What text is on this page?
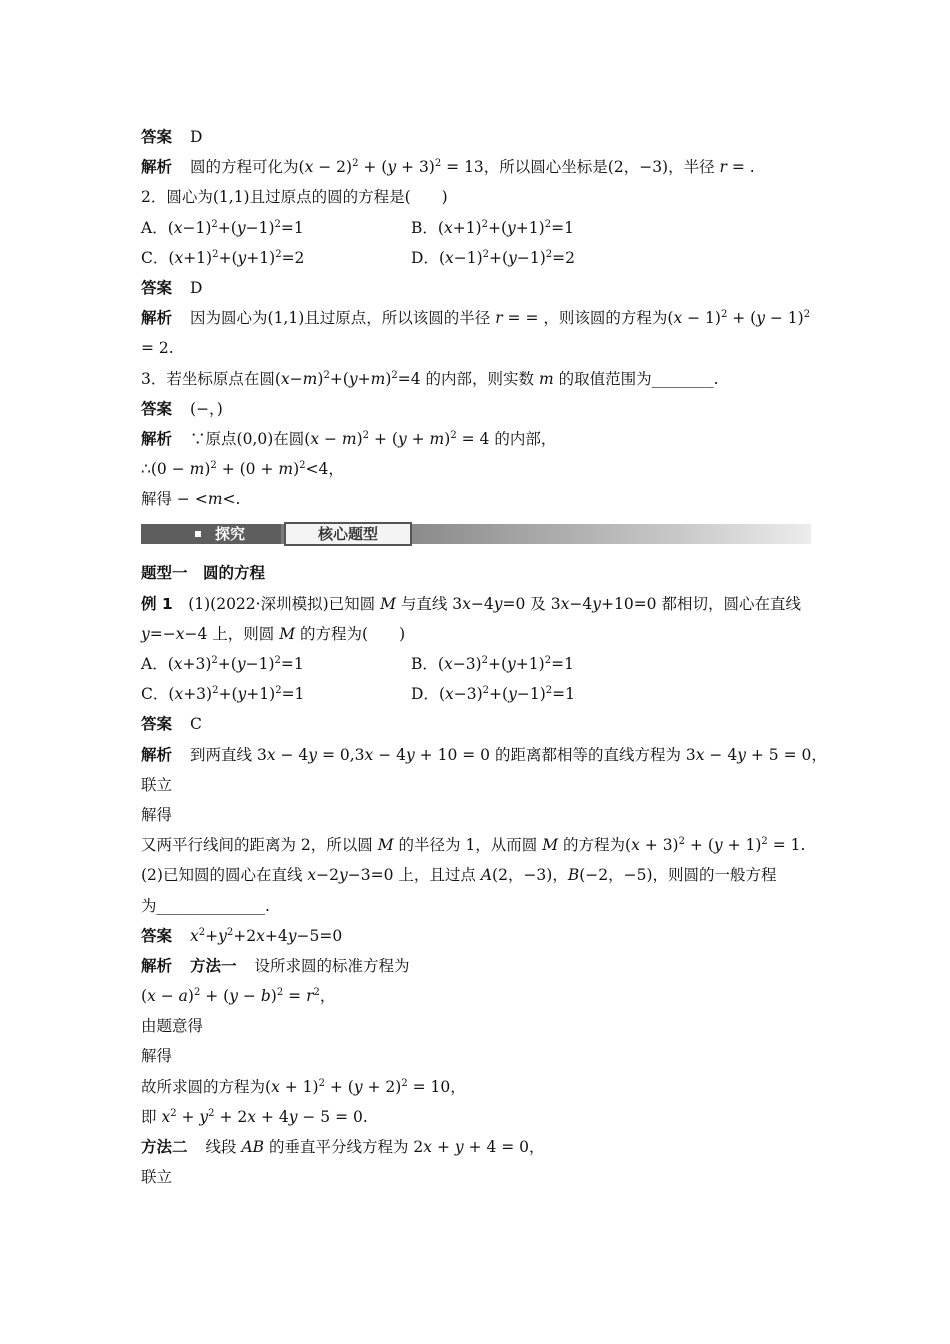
答案 D
解析 圆的方程可化为$(x - 2)^2 + (y + 3)^2 = 13$，所以圆心坐标是(2，−3)，半径 r = .
2．圆心为(1,1)且过原点的圆的方程是(　　)
A．$(x-1)^2+(y-1)^2=1$	B．$(x+1)^2+(y+1)^2=1$
C．$(x+1)^2+(y+1)^2=2$	D．$(x-1)^2+(y-1)^2=2$
答案 D
解析 因为圆心为(1,1)且过原点，所以该圆的半径 r = = ，则该圆的方程为$(x - 1)^2 + (y - 1)^2$
= 2.
3．若坐标原点在圆$(x-m)^2+(y+m)^2=4$ 的内部，则实数 m 的取值范围为________.
答案 (−，)
解析 ∵原点(0,0)在圆$(x - m)^2 + (y + m)^2 = 4$ 的内部，
∴(0 − $m)^2 + (0 + m)^2<4$，
解得 − <m<.
探究	核心题型
题型一　圆的方程
例 1　 (1)(2022·深圳模拟)已知圆 M 与直线 3x−4y=0 及 3x−4y+10=0 都相切，圆心在直线
y=−x−4 上，则圆 M 的方程为(　　)
A．$(x+3)^2+(y-1)^2=1$	B．$(x-3)^2+(y+1)^2=1$
C．$(x+3)^2+(y+1)^2=1$	D．$(x-3)^2+(y-1)^2=1$
答案 C
解析 到两直线 3x − 4y = 0,3x − 4y + 10 = 0 的距离都相等的直线方程为 3x − 4y + 5 = 0，
联立
解得
又两平行线间的距离为 2，所以圆 M 的半径为 1，从而圆 M 的方程为$(x + 3)^2 + (y + 1)^2 = 1$.
(2)已知圆的圆心在直线 x−2y−3=0 上，且过点 A(2，−3)，B(−2，−5)，则圆的一般方程
为______________.
答案 $x^2+y^2+2x+4y-5=0$
解析 方法一 设所求圆的标准方程为
$(x - a)^2 + (y - b)^2 = r^2$，
由题意得
解得
故所求圆的方程为$(x + 1)^2 + (y + 2)^2 = 10$，
即 $x^2 + y^2 + 2x + 4y - 5 = 0$.
方法二 线段 AB 的垂直平分线方程为 2x + y + 4 = 0，
联立
